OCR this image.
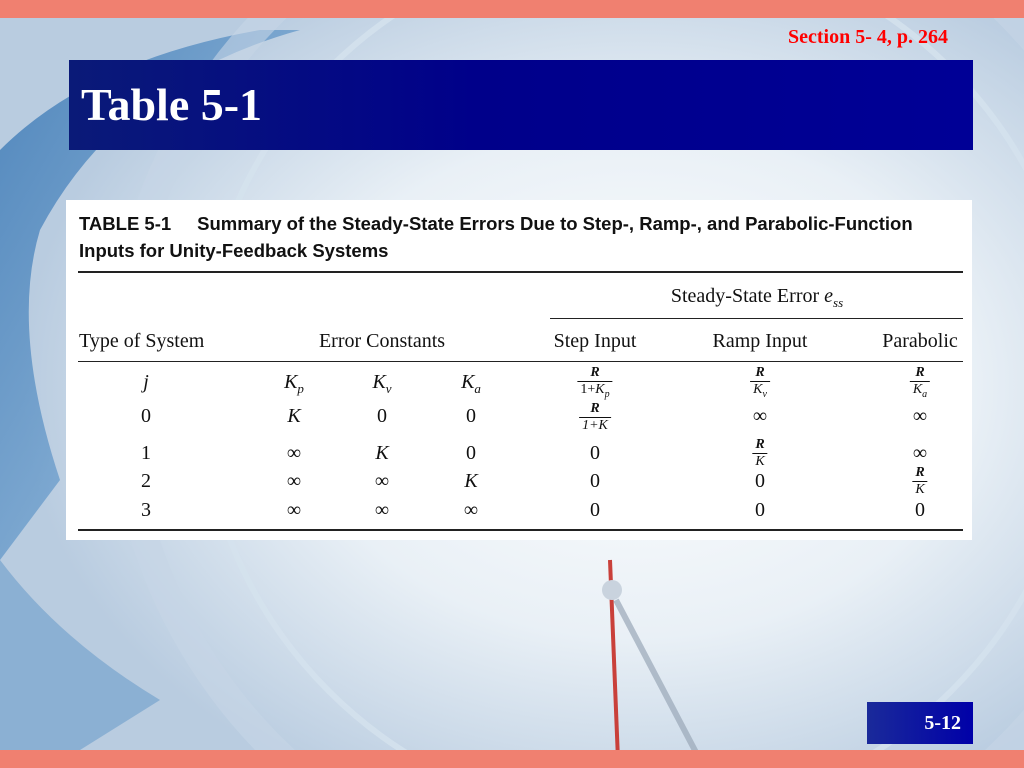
Section 5- 4, p. 264
Table 5-1
TABLE 5-1 Summary of the Steady-State Errors Due to Step-, Ramp-, and Parabolic-Function
Inputs for Unity-Feedback Systems
Steady-State Error $e_{ss}$
Type of System	Error Constants	Step Input	Ramp Input	Parabolic
j	$K_p$	$K_v$	$K_a$	$\frac{R}{1+K_p}$	$\frac{R}{K_v}$	$\frac{R}{K_a}$
0	K	0	0	$\frac{R}{1+K}$	∞	∞
1	∞	K	0	0	$\frac{R}{K}$	∞
2	∞	∞	K	0	0	$\frac{R}{K}$
3	∞	∞	∞	0	0	0
5-12
